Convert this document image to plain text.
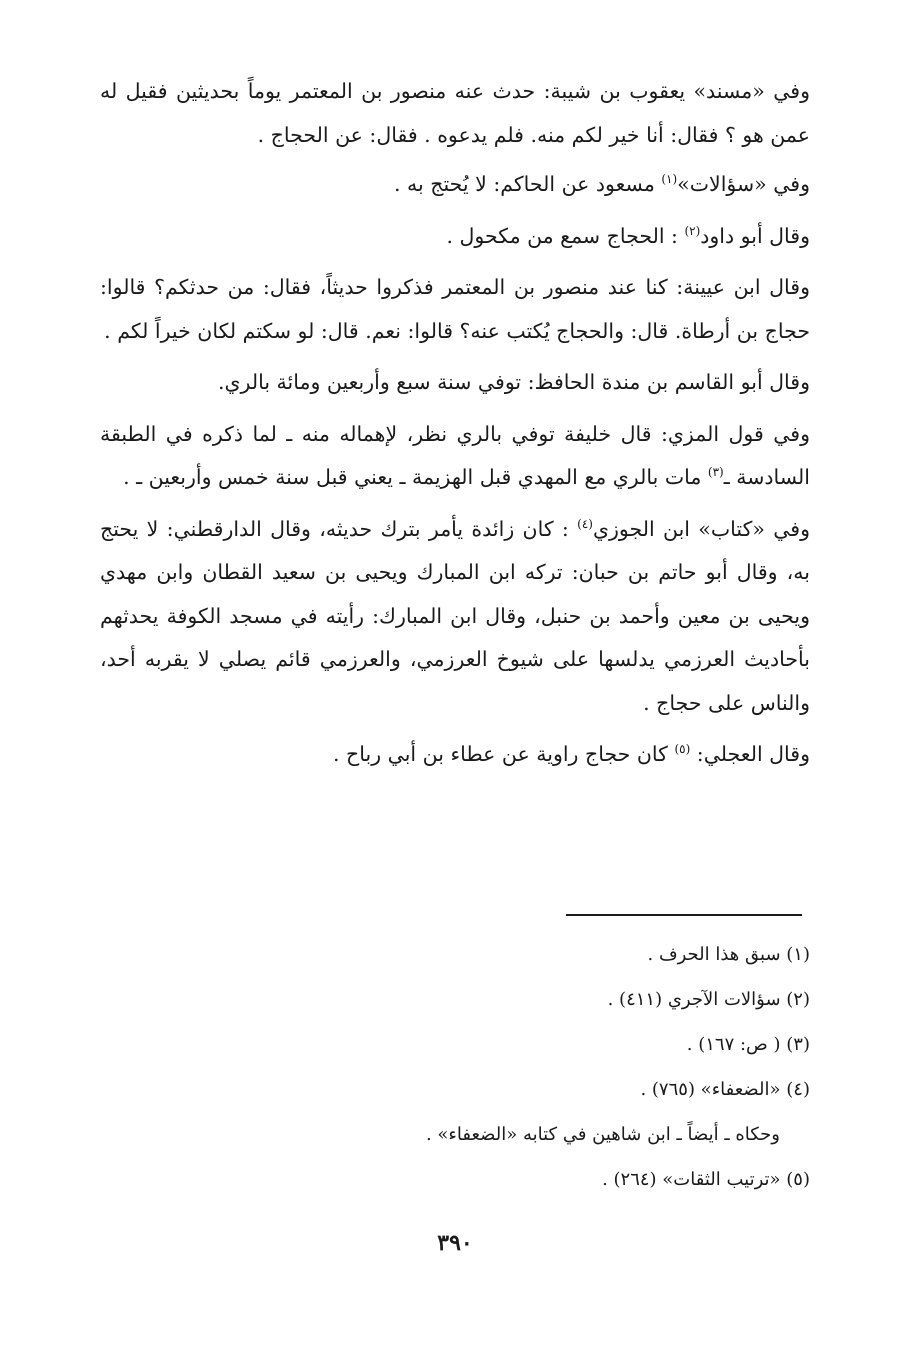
وفي «مسند» يعقوب بن شيبة: حدث عنه منصور بن المعتمر يوماً بحديثين فقيل له عمن هو ؟ فقال: أنا خير لكم منه. فلم يدعوه . فقال: عن الحجاج .

وفي «سؤالات»$^{(١)}$ مسعود عن الحاكم: لا يُحتج به .

وقال أبو داود$^{(٢)}$ : الحجاج سمع من مكحول .

وقال ابن عيينة: كنا عند منصور بن المعتمر فذكروا حديثاً، فقال: من حدثكم؟ قالوا: حجاج بن أرطاة. قال: والحجاج يُكتب عنه؟ قالوا: نعم. قال: لو سكتم لكان خيراً لكم .

وقال أبو القاسم بن مندة الحافظ: توفي سنة سبع وأربعين ومائة بالري.

وفي قول المزي: قال خليفة توفي بالري نظر، لإهماله منه ـ لما ذكره في الطبقة السادسة ـ$^{(٣)}$ مات بالري مع المهدي قبل الهزيمة ـ يعني قبل سنة خمس وأربعين ـ .

وفي «كتاب» ابن الجوزي$^{(٤)}$ : كان زائدة يأمر بترك حديثه، وقال الدارقطني: لا يحتج به، وقال أبو حاتم بن حبان: تركه ابن المبارك ويحيى بن سعيد القطان وابن مهدي ويحيى بن معين وأحمد بن حنبل، وقال ابن المبارك: رأيته في مسجد الكوفة يحدثهم بأحاديث العرزمي يدلسها على شيوخ العرزمي، والعرزمي قائم يصلي لا يقربه أحد، والناس على حجاج .

وقال العجلي: $^{(٥)}$ كان حجاج راوية عن عطاء بن أبي رباح .

(١) سبق هذا الحرف .

(٢) سؤالات الآجري (٤١١) .

(٣) ( ص: ١٦٧) .

(٤) «الضعفاء» (٧٦٥) .

وحكاه ـ أيضاً ـ ابن شاهين في كتابه «الضعفاء» .

(٥) «ترتيب الثقات» (٢٦٤) .

٣٩٠
